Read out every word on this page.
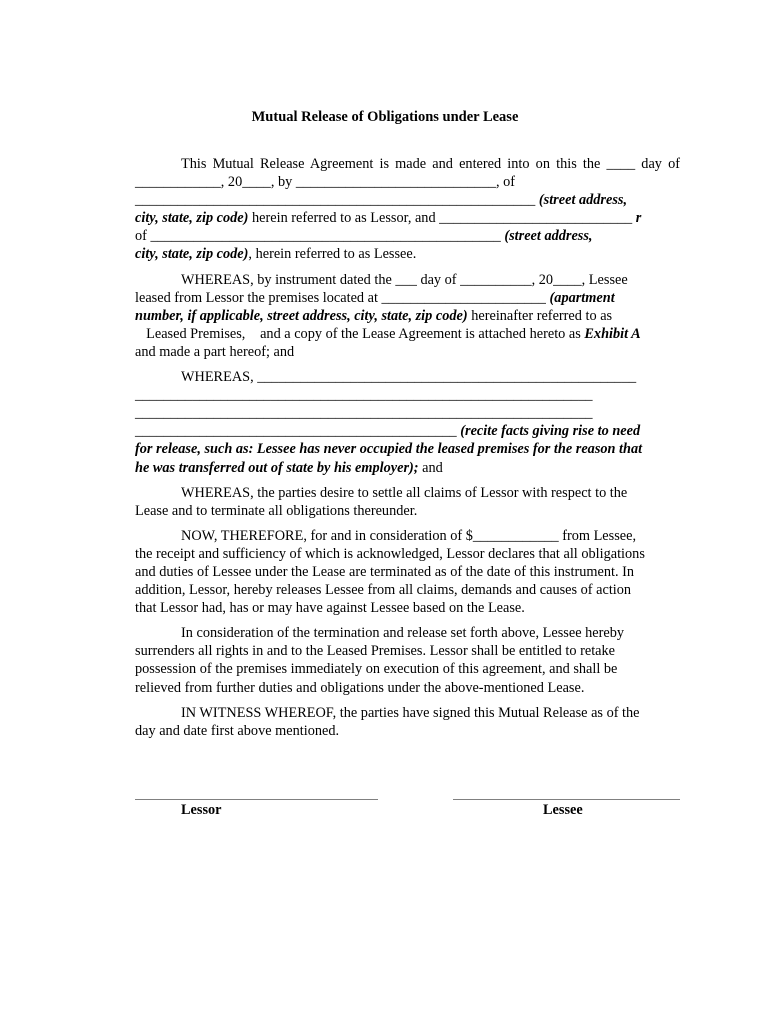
Mutual Release of Obligations under Lease

This Mutual Release Agreement is made and entered into on this the ____ day of
____________, 20____, by ____________________________, of
________________________________________________________ (street address,
city, state, zip code) herein referred to as Lessor, and ___________________________ r
of _________________________________________________ (street address,
city, state, zip code), herein referred to as Lessee.

WHEREAS, by instrument dated the ___ day of __________, 20____, Lessee
leased from Lessor the premises located at _______________________ (apartment
number, if applicable, street address, city, state, zip code) hereinafter referred to as
Leased Premises, and a copy of the Lease Agreement is attached hereto as Exhibit A
and made a part hereof; and

WHEREAS, _____________________________________________________
________________________________________________________________
________________________________________________________________
_____________________________________________ (recite facts giving rise to need
for release, such as: Lessee has never occupied the leased premises for the reason that
he was transferred out of state by his employer); and

WHEREAS, the parties desire to settle all claims of Lessor with respect to the
Lease and to terminate all obligations thereunder.

NOW, THEREFORE, for and in consideration of $____________ from Lessee,
the receipt and sufficiency of which is acknowledged, Lessor declares that all obligations
and duties of Lessee under the Lease are terminated as of the date of this instrument. In
addition, Lessor, hereby releases Lessee from all claims, demands and causes of action
that Lessor had, has or may have against Lessee based on the Lease.

In consideration of the termination and release set forth above, Lessee hereby
surrenders all rights in and to the Leased Premises. Lessor shall be entitled to retake
possession of the premises immediately on execution of this agreement, and shall be
relieved from further duties and obligations under the above-mentioned Lease.

IN WITNESS WHEREOF, the parties have signed this Mutual Release as of the
day and date first above mentioned.

Lessor	Lessee
